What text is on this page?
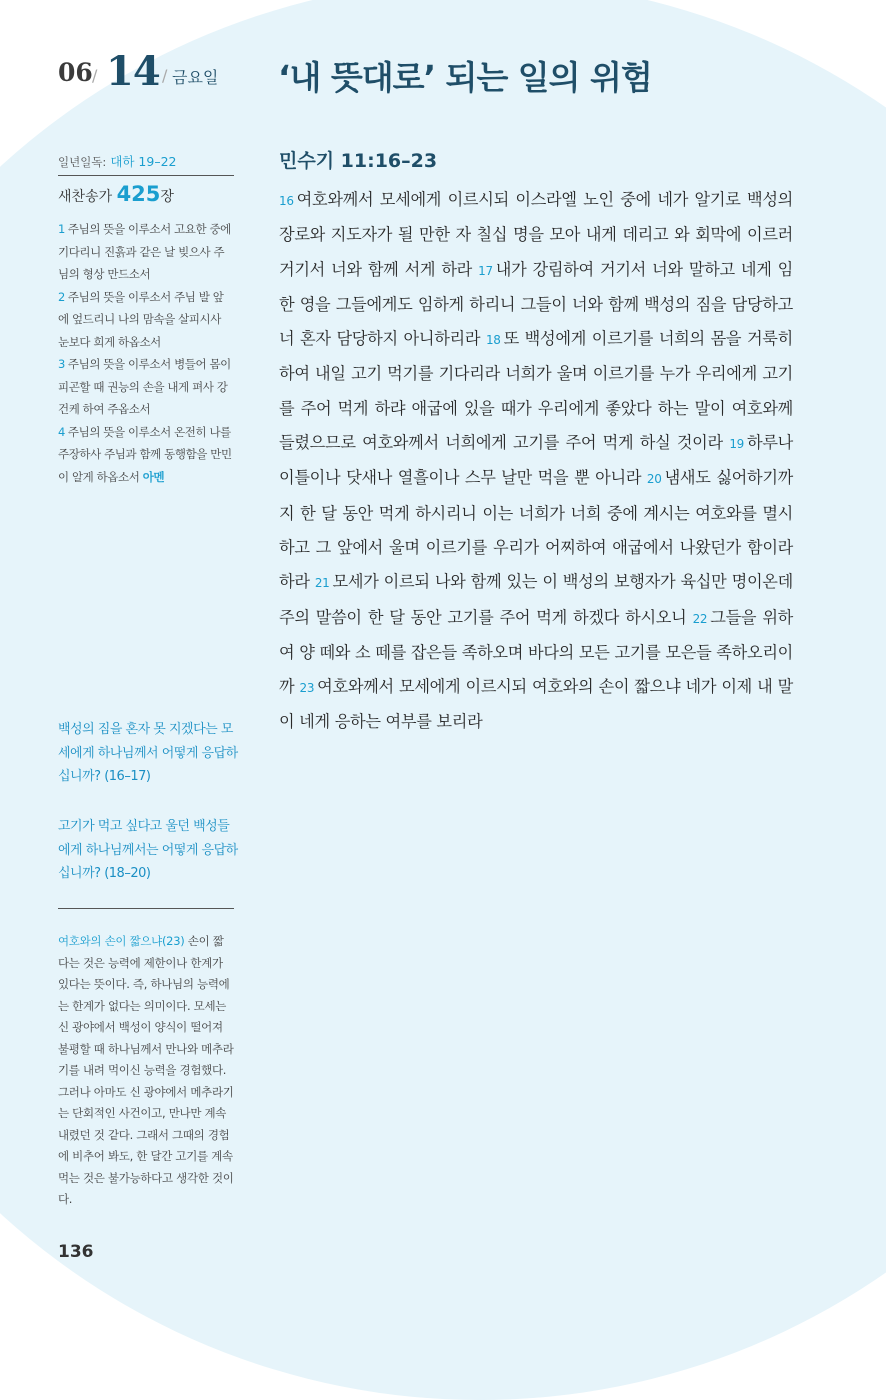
06 / 14 / 금요일 ‘내 뜻대로’ 되는 일의 위험
일년일독: 대하 19–22
새찬송가 425장
1 주님의 뜻을 이루소서 고요한 중에 기다리니 진흙과 같은 날 빚으사 주님의 형상 만드소서
2 주님의 뜻을 이루소서 주님 발 앞에 엎드리니 나의 맘속을 살피시사 눈보다 희게 하옵소서
3 주님의 뜻을 이루소서 병들어 몸이 피곤할 때 권능의 손을 내게 펴사 강건케 하여 주옵소서
4 주님의 뜻을 이루소서 온전히 나를 주장하사 주님과 함께 동행함을 만민이 알게 하옵소서 아멘
백성의 짐을 혼자 못 지겠다는 모세에게 하나님께서 어떻게 응답하십니까? (16–17)
고기가 먹고 싶다고 울던 백성들에게 하나님께서는 어떻게 응답하십니까? (18–20)
여호와의 손이 짧으냐(23) 손이 짧다는 것은 능력에 제한이나 한계가 있다는 뜻이다. 즉, 하나님의 능력에는 한계가 없다는 의미이다. 모세는 신 광야에서 백성이 양식이 떨어져 불평할 때 하나님께서 만나와 메추라기를 내려 먹이신 능력을 경험했다. 그러나 아마도 신 광야에서 메추라기는 단회적인 사건이고, 만나만 계속 내렸던 것 같다. 그래서 그때의 경험에 비추어 봐도, 한 달간 고기를 계속 먹는 것은 불가능하다고 생각한 것이다.
136
민수기 11:16–23
16 여호와께서 모세에게 이르시되 이스라엘 노인 중에 네가 알기로 백성의 장로와 지도자가 될 만한 자 칠십 명을 모아 내게 데리고 와 회막에 이르러 거기서 너와 함께 서게 하라 17 내가 강림하여 거기서 너와 말하고 네게 임한 영을 그들에게도 임하게 하리니 그들이 너와 함께 백성의 짐을 담당하고 너 혼자 담당하지 아니하리라 18 또 백성에게 이르기를 너희의 몸을 거룩히 하여 내일 고기 먹기를 기다리라 너희가 울며 이르기를 누가 우리에게 고기를 주어 먹게 하랴 애굽에 있을 때가 우리에게 좋았다 하는 말이 여호와께 들렸으므로 여호와께서 너희에게 고기를 주어 먹게 하실 것이라 19 하루나 이틀이나 닷새나 열흘이나 스무 날만 먹을 뿐 아니라 20 냄새도 싫어하기까지 한 달 동안 먹게 하시리니 이는 너희가 너희 중에 계시는 여호와를 멸시하고 그 앞에서 울며 이르기를 우리가 어찌하여 애굽에서 나왔던가 함이라 하라 21 모세가 이르되 나와 함께 있는 이 백성의 보행자가 육십만 명이온데 주의 말씀이 한 달 동안 고기를 주어 먹게 하겠다 하시오니 22 그들을 위하여 양 떼와 소 떼를 잡은들 족하오며 바다의 모든 고기를 모은들 족하오리이까 23 여호와께서 모세에게 이르시되 여호와의 손이 짧으냐 네가 이제 내 말이 네게 응하는 여부를 보리라
